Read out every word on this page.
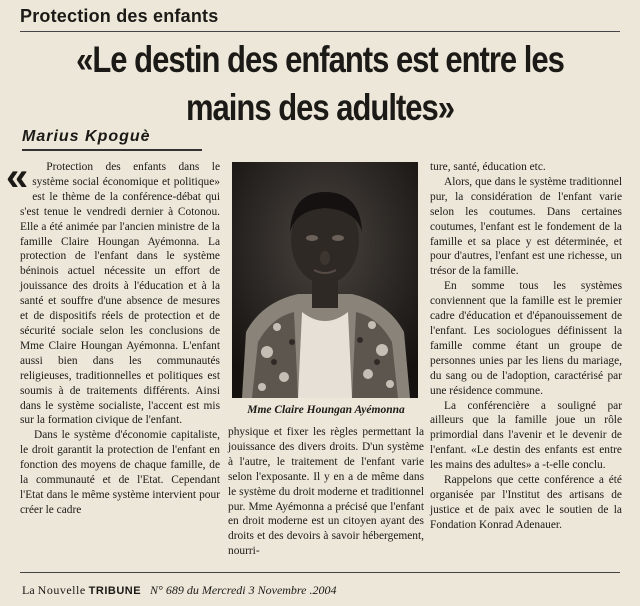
Protection des enfants
«Le destin des enfants est entre les
mains des adultes»
Marius Kpoguè

« Protection des enfants dans le système social économique et politique» est le thème de la conférence-débat qui s'est tenue le vendredi dernier à Cotonou. Elle a été animée par l'ancien ministre de la famille Claire Houngan Ayémonna. La protection de l'enfant dans le système béninois actuel nécessite un effort de jouissance des droits à l'éducation et à la santé et souffre d'une absence de mesures et de dispositifs réels de protection et de sécurité sociale selon les conclusions de Mme Claire Houngan Ayémonna. L'enfant aussi bien dans les communautés religieuses, traditionnelles et politiques est soumis à de traitements différents. Ainsi dans le système socialiste, l'accent est mis sur la formation civique de l'enfant.

Dans le système d'économie capitaliste, le droit garantit la protection de l'enfant en fonction des moyens de chaque famille, de la communauté et de l'Etat. Cependant l'Etat dans le même système intervient pour créer le cadre

Mme Claire Houngan Ayémonna

physique et fixer les règles permettant la jouissance des divers droits. D'un système à l'autre, le traitement de l'enfant varie selon l'exposante. Il y en a de même dans le système du droit moderne et traditionnel pur. Mme Ayémonna a précisé que l'enfant en droit moderne est un citoyen ayant des droits et des devoirs à savoir hébergement, nourri-

ture, santé, éducation etc.

Alors, que dans le système traditionnel pur, la considération de l'enfant varie selon les coutumes. Dans certaines coutumes, l'enfant est le fondement de la famille et sa place y est déterminée, et pour d'autres, l'enfant est une richesse, un trésor de la famille.

En somme tous les systèmes conviennent que la famille est le premier cadre d'éducation et d'épanouissement de l'enfant. Les sociologues définissent la famille comme étant un groupe de personnes unies par les liens du mariage, du sang ou de l'adoption, caractérisé par une résidence commune.

La conférencière a souligné par ailleurs que la famille joue un rôle primordial dans l'avenir et le devenir de l'enfant. «Le destin des enfants est entre les mains des adultes» a -t-elle conclu.

Rappelons que cette conférence a été organisée par l'Institut des artisans de justice et de paix avec le soutien de la Fondation Konrad Adenauer.

La Nouvelle TRIBUNE N° 689 du Mercredi 3 Novembre .2004
